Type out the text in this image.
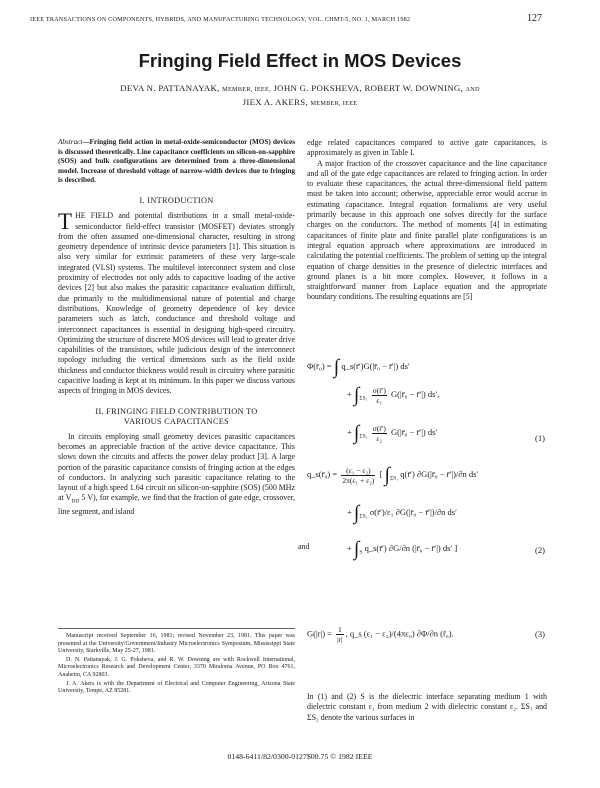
IEEE TRANSACTIONS ON COMPONENTS, HYBRIDS, AND MANUFACTURING TECHNOLOGY, VOL. CHMT-5, NO. 1, MARCH 1982	127
Fringing Field Effect in MOS Devices
DEVA N. PATTANAYAK, MEMBER, IEEE, JOHN G. POKSHEVA, ROBERT W. DOWNING, AND
JIEX A. AKERS, MEMBER, IEEE

Abstract—Fringing field action in metal-oxide-semiconductor (MOS) devices is discussed theoretically. Line capacitance coefficients on silicon-on-sapphire (SOS) and bulk configurations are determined from a three-dimensional model. Increase of threshold voltage of narrow-width devices due to fringing is described.

I. INTRODUCTION

THE FIELD and potential distributions in a small metal-oxide-semiconductor field-effect transistor (MOSFET) deviates strongly from the often assumed one-dimensional character, resulting in strong geometry dependence of intrinsic device parameters [1]. This situation is also very similar for extrinsic parameters of these very large-scale integrated (VLSI) systems. The multilevel interconnect system and close proximity of electrodes not only adds to capacitive loading of the active devices [2] but also makes the parasitic capacitance evaluation difficult, due primarily to the multidimensional nature of potential and charge distributions. Knowledge of geometry dependence of key device parameters such as latch, conductance and threshold voltage and interconnect capacitances is essential in designing high-speed circuitry. Optimizing the structure of discrete MOS devices will lead to greater drive capabilities of the transistors, while judicious design of the interconnect topology including the vertical dimensions such as the field oxide thickness and conductor thickness would result in circuitry where parasitic capacitive loading is kept at its minimum. In this paper we discuss various aspects of fringing in MOS devices.

II. FRINGING FIELD CONTRIBUTION TO
VARIOUS CAPACITANCES

In circuits employing small geometry devices parasitic capacitances becomes an appreciable fraction of the active device capacitance. This slows down the circuits and affects the power delay product [3]. A large portion of the parasitic capacitance consists of fringing action at the edges of conductors. In analyzing such parasitic capacitance relating to the layout of a high speed 1.64 circuit on silicon-on-sapphire (SOS) (500 MHz at $V_{DD}$ 5 V), for example, we find that the fraction of gate edge, crossover, line segment, and island

Manuscript received September 16, 1981; revised November 23, 1981. This paper was presented at the University/Government/Industry Microelectronics Symposium, Mississippi State University, Starkville, May 25-27, 1981.

D. N. Pattanayak, J. G. Poksheva, and R. W. Downing are with Rockwell International, Microelectronics Research and Development Center, 3370 Miraloma Avenue, PO Box 4761, Anaheim, CA 92803.

J. A. Akers is with the Department of Electrical and Computer Engineering, Arizona State University, Tempe, AZ 85281.

edge related capacitances compared to active gate capacitances, is approximately as given in Table I.

A major fraction of the crossover capacitance and the line capacitance and all of the gate edge capacitances are related to fringing action. In order to evaluate these capacitances, the actual three-dimensional field pattern must be taken into account; otherwise, appreciable error would accrue in estimating capacitance. Integral equation formalisms are very useful primarily because in this approach one solves directly for the surface charges on the conductors. The method of moments [4] in estimating capacitances of finite plate and finite parallel plate configurations is an integral equation approach where approximations are introduced in calculating the potential coefficients. The problem of setting up the integral equation of charge densities in the presence of dielectric interfaces and ground planes is a bit more complex. However, it follows in a straightforward manner from Laplace equation and the appropriate boundary conditions. The resulting equations are [5]

Φ(r̄₀) = ∫ q_s(r̄′)G(|r̄₀ − r̄′|) ds′
+ $\int_{\Sigma S_1} \frac{\sigma(r̄')}{\text{ε₁}}$ G(|r̄₀ − r̄′|) ds′,
+ $\int_{\Sigma S_2} \frac{\sigma(r̄')}{\text{ε₂}}$ G(|r̄₀ − r̄′|) ds′
(1)
q_s(r̄₀) = $\frac{\text{(ε₁ − ε₂)}}{\text{2π(ε₁ + ε₂)}}$ [ $\int_{\Sigma S_1}$ q(r̄′) ∂G(|r̄₀ − r̄′|)/∂n ds′
+ $\int_{\Sigma S_2}$ σ(r̄′)/ε₁ ∂G(|r̄₀ − r̄′|)/∂n ds′
+ $\int_S$ q_s(r̄′) ∂G/∂n (|r̄₀ − r̄′|) ds′ ]	(2)
$G(|r|) = \frac{1}{|r|}$ , q_s (ε₁ − ε₂)/(4πε₀) ∂Φ/∂n (r̄₀).	(3)
and
In (1) and (2) S is the dielectric interface separating medium 1 with dielectric constant ε₁ from medium 2 with dielectric constant ε₂. ΣS₁ and ΣS₂ denote the various surfaces in
0148-6411/82/0300-0127$00.75 © 1982 IEEE
